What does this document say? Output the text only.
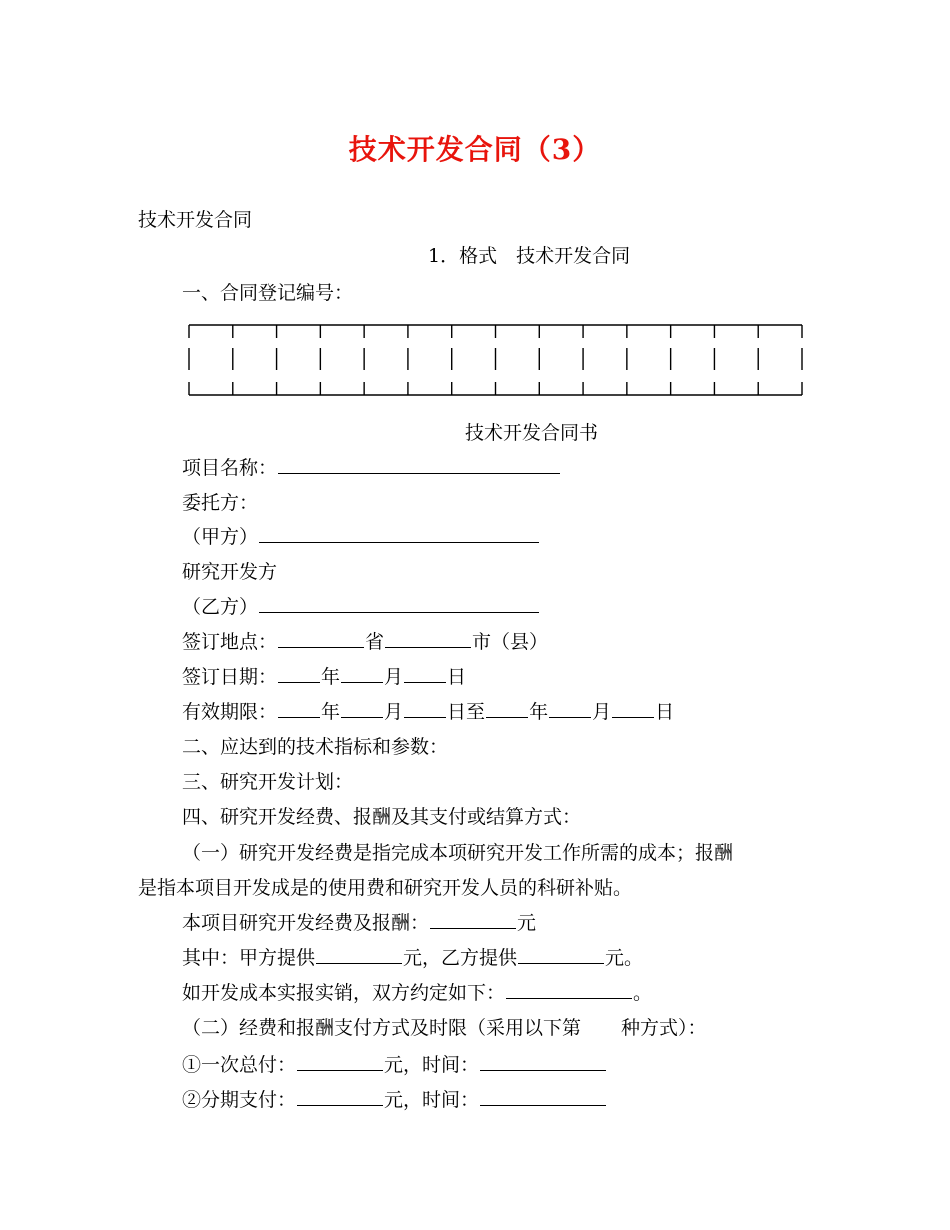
技术开发合同（3）
技术开发合同
1．格式　技术开发合同
一、合同登记编号：
技术开发合同书
项目名称：
委托方：
（甲方）
研究开发方
（乙方）
签订地点：	省	市（县）
签订日期： 年 月 日
有效期限： 年 月 日至 年 月 日
二、应达到的技术指标和参数：
三、研究开发计划：
四、研究开发经费、报酬及其支付或结算方式：
（一）研究开发经费是指完成本项研究开发工作所需的成本；报酬
是指本项目开发成是的使用费和研究开发人员的科研补贴。
本项目研究开发经费及报酬：	元
其中：甲方提供	元，乙方提供	元。
如开发成本实报实销，双方约定如下：	。
（二）经费和报酬支付方式及时限（采用以下第 种方式）：
①一次总付：	元，时间：
②分期支付：	元，时间：
